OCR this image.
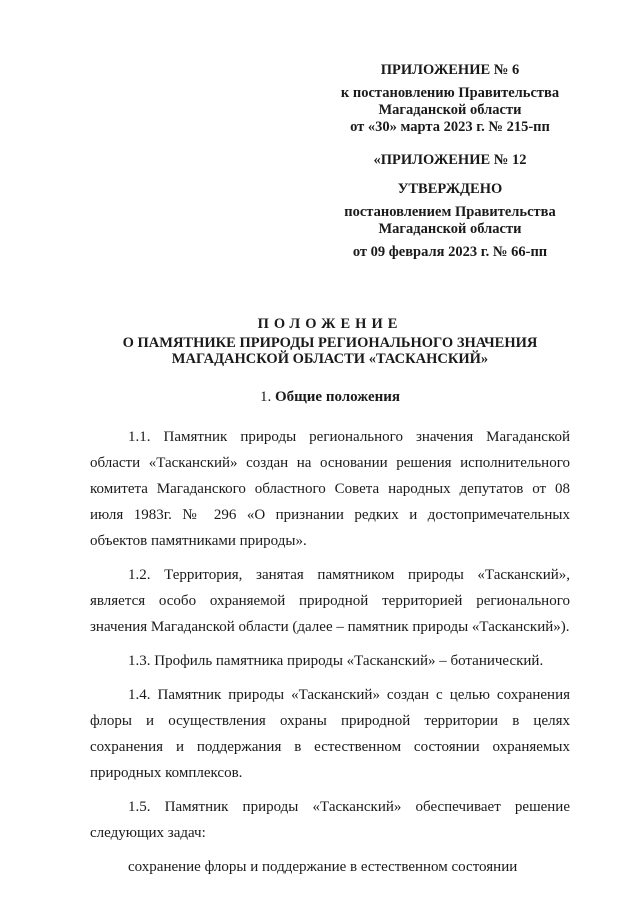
ПРИЛОЖЕНИЕ № 6
к постановлению Правительства
Магаданской области
от «30» марта 2023 г. № 215-пп
«ПРИЛОЖЕНИЕ № 12
УТВЕРЖДЕНО
постановлением Правительства
Магаданской области
от 09 февраля 2023 г. № 66-пп
ПОЛОЖЕНИЕ
О ПАМЯТНИКЕ ПРИРОДЫ РЕГИОНАЛЬНОГО ЗНАЧЕНИЯ
МАГАДАНСКОЙ ОБЛАСТИ «ТАСКАНСКИЙ»
1. Общие положения

1.1. Памятник природы регионального значения Магаданской области «Тасканский» создан на основании решения исполнительного комитета Магаданского областного Совета народных депутатов от 08 июля 1983г. № 296 «О признании редких и достопримечательных объектов памятниками природы».

1.2. Территория, занятая памятником природы «Тасканский», является особо охраняемой природной территорией регионального значения Магаданской области (далее – памятник природы «Тасканский»).

1.3. Профиль памятника природы «Тасканский» – ботанический.

1.4. Памятник природы «Тасканский» создан с целью сохранения флоры и осуществления охраны природной территории в целях сохранения и поддержания в естественном состоянии охраняемых природных комплексов.

1.5. Памятник природы «Тасканский» обеспечивает решение следующих задач:

сохранение флоры и поддержание в естественном состоянии
